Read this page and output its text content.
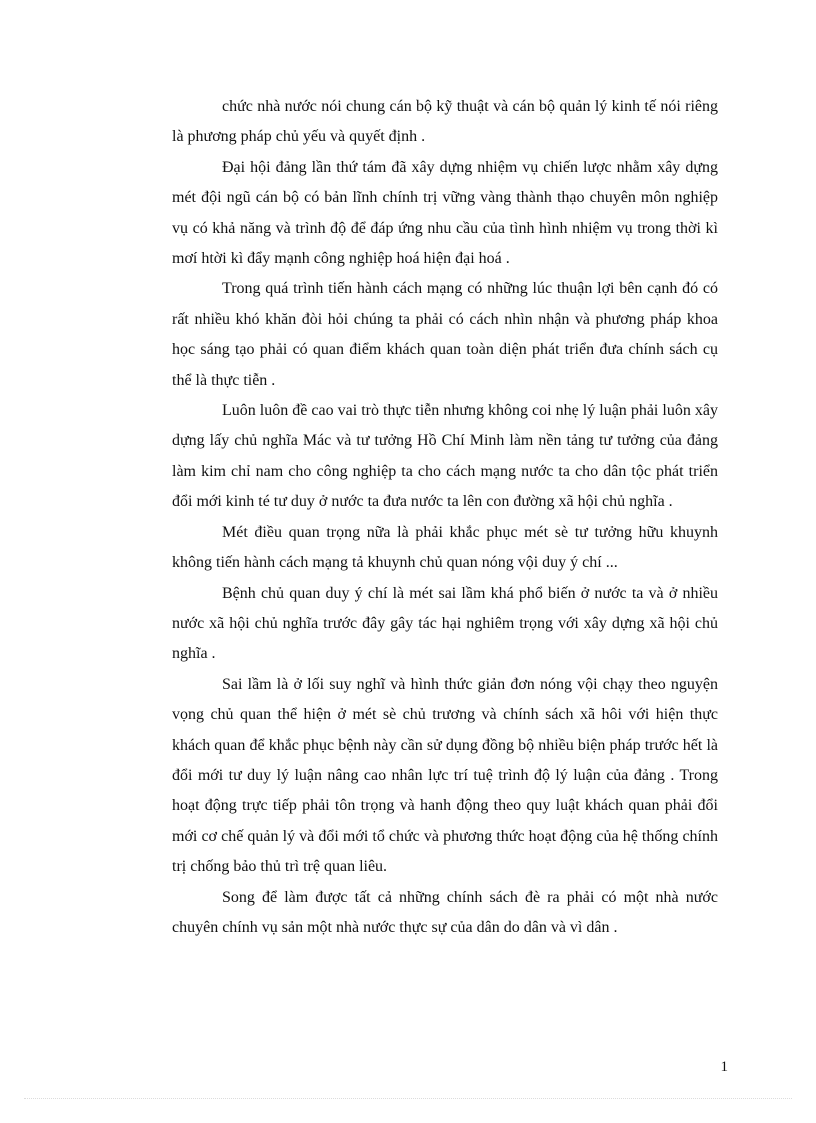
chức nhà nước nói chung cán bộ kỹ thuật và cán bộ quản lý kinh tế nói riêng là phương pháp chủ yếu và quyết định .

Đại hội đảng lần thứ tám đã xây dựng nhiệm vụ chiến lược nhằm xây dựng mét đội ngũ cán bộ có bản lĩnh chính trị vững vàng thành thạo chuyên môn nghiệp vụ có khả năng và trình độ để đáp ứng nhu cầu của tình hình nhiệm vụ trong thời kì mơí htời kì đẩy mạnh công nghiệp hoá hiện đại hoá .

Trong quá trình tiến hành cách mạng có những lúc thuận lợi bên cạnh đó có rất nhiều khó khăn đòi hỏi chúng ta phải có cách nhìn nhận và phương pháp khoa học sáng tạo phải có quan điểm khách quan toàn diện phát triển đưa chính sách cụ thể là thực tiễn .

Luôn luôn đề cao vai trò thực tiễn nhưng không coi nhẹ lý luận phải luôn xây dựng lấy chủ nghĩa Mác và tư tưởng Hồ Chí Minh làm nền tảng tư tưởng của đảng làm kim chỉ nam cho công nghiệp ta cho cách mạng nước ta cho dân tộc phát triển đổi mới kinh té tư duy ở nước ta đưa nước ta lên con đường xã hội chủ nghĩa .

Mét điều quan trọng nữa là phải khắc phục mét sè tư tưởng hữu khuynh không tiến hành cách mạng tả khuynh chủ quan nóng vội duy ý chí ...

Bệnh chủ quan duy ý chí là mét sai lầm khá phổ biến ở nước ta và ở nhiều nước xã hội chủ nghĩa trước đây gây tác hại nghiêm trọng với xây dựng xã hội chủ nghĩa .

Sai lầm là ở lối suy nghĩ và hình thức giản đơn nóng vội chạy theo nguyện vọng chủ quan thể hiện ở mét sè chủ trương và chính sách xã hôi với hiện thực khách quan để khắc phục bệnh này cần sử dụng đồng bộ nhiều biện pháp trước hết là đổi mới tư duy lý luận nâng cao nhân lực trí tuệ trình độ lý luận của đảng . Trong hoạt động trực tiếp phải tôn trọng và hanh động theo quy luật khách quan phải đổi mới cơ chế quản lý và đổi mới tổ chức và phương thức hoạt động của hệ thống chính trị chống bảo thủ trì trệ quan liêu.

Song để làm được tất cả những chính sách đè ra phải có một nhà nước chuyên chính vụ sản một nhà nước thực sự của dân do dân và vì dân .

1
